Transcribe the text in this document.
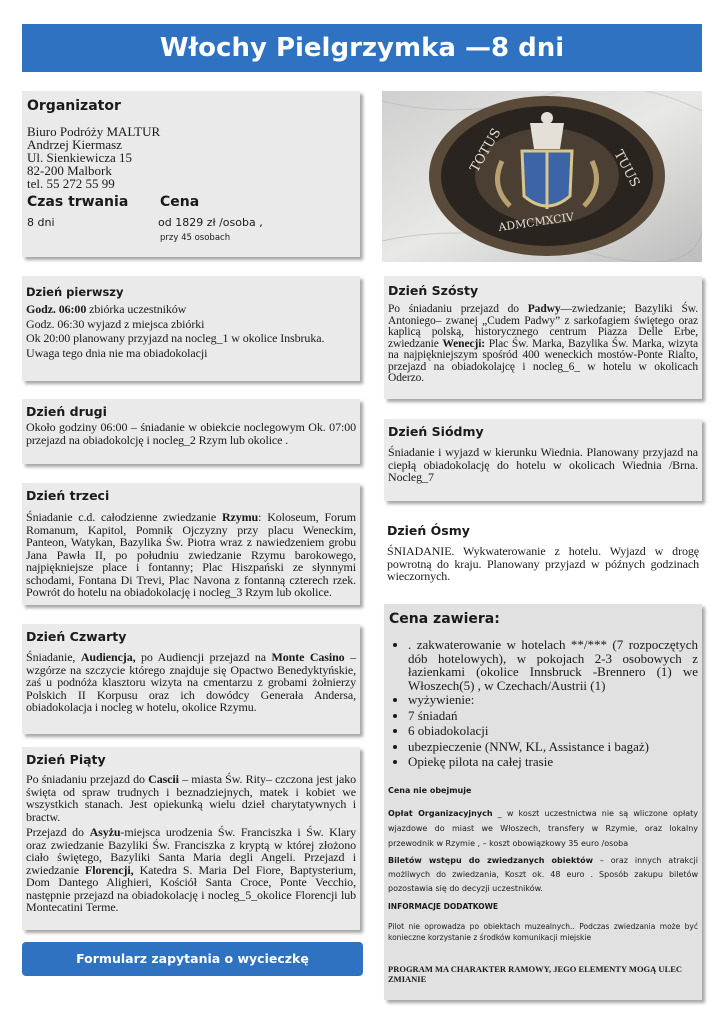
Włochy Pielgrzymka —8 dni
Organizator
Biuro Podróży MALTUR
Andrzej Kiermasz
Ul. Sienkiewicza 15
82-200 Malbork
tel. 55 272 55 99
Czas trwania Cena
8 dni	od 1829 zł /osoba ,
przy 45 osobach
TOTUS	TUUS
ADMCMXCIV
Dzień pierwszy

Godz. 06:00 zbiórka uczestników

Godz. 06:30 wyjazd z miejsca zbiórki

Ok 20:00 planowany przyjazd na nocleg_1 w okolice Insbruka.

Uwaga tego dnia nie ma obiadokolacji

Dzień drugi
Około godziny 06:00 – śniadanie w obiekcie noclegowym Ok. 07:00 przejazd na obiadokolcję i nocleg_2 Rzym lub okolice .
Dzień trzeci
Śniadanie c.d. całodzienne zwiedzanie Rzymu: Koloseum, Forum Romanum, Kapitol, Pomnik Ojczyzny przy placu Weneckim, Panteon, Watykan, Bazylika Św. Piotra wraz z nawiedzeniem grobu Jana Pawła II, po południu zwiedzanie Rzymu barokowego, najpiękniejsze place i fontanny; Plac Hiszpański ze słynnymi schodami, Fontana Di Trevi, Plac Navona z fontanną czterech rzek. Powrót do hotelu na obiadokolację i nocleg_3 Rzym lub okolice.
Dzień Czwarty
Śniadanie, Audiencja, po Audiencji przejazd na Monte Casino –wzgórze na szczycie którego znajduje się Opactwo Benedyktyńskie, zaś u podnóża klasztoru wizyta na cmentarzu z grobami żołnierzy Polskich II Korpusu oraz ich dowódcy Generała Andersa, obiadokolacja i nocleg w hotelu, okolice Rzymu.
Dzień Piąty

Po śniadaniu przejazd do Cascii – miasta Św. Rity– czczona jest jako święta od spraw trudnych i beznadziejnych, matek i kobiet we wszystkich stanach. Jest opiekunką wielu dzieł charytatywnych i bractw.

Przejazd do Asyżu-miejsca urodzenia Św. Franciszka i Św. Klary oraz zwiedzanie Bazyliki Św. Franciszka z kryptą w której złożono ciało świętego, Bazyliki Santa Maria degli Angeli. Przejazd i zwiedzanie Florencji, Katedra S. Maria Del Fiore, Baptysterium, Dom Dantego Alighieri, Kościół Santa Croce, Ponte Vecchio, następnie przejazd na obiadokolację i nocleg_5_okolice Florencji lub Montecatini Terme.

Formularz zapytania o wycieczkę
Dzień Szósty
Po śniadaniu przejazd do Padwy—zwiedzanie; Bazyliki Św. Antoniego– zwanej „Cudem Padwy” z sarkofagiem świętego oraz kaplicą polską, historycznego centrum Piazza Delle Erbe, zwiedzanie Wenecji: Plac Św. Marka, Bazylika Św. Marka, wizyta na najpiękniejszym spośród 400 weneckich mostów-Ponte Rialto, przejazd na obiadokolajcę i nocleg_6_ w hotelu w okolicach Oderzo.
Dzień Siódmy
Śniadanie i wyjazd w kierunku Wiednia. Planowany przyjazd na ciepłą obiadokolację do hotelu w okolicach Wiednia /Brna. Nocleg_7
Dzień Ósmy
ŚNIADANIE. Wykwaterowanie z hotelu. Wyjazd w drogę powrotną do kraju. Planowany przyjazd w późnych godzinach wieczornych.
Cena zawiera:
• . zakwaterowanie w hotelach **/*** (7 rozpoczętych dób hotelowych), w pokojach 2-3 osobowych z łazienkami (okolice Innsbruck -Brennero (1) we Włoszech(5) , w Czechach/Austrii (1)
• wyżywienie:
• 7 śniadań
• 6 obiadokolacji
• ubezpieczenie (NNW, KL, Assistance i bagaż)
• Opiekę pilota na całej trasie
Cena nie obejmuje
Opłat Organizacyjnych _ w koszt uczestnictwa nie są wliczone opłaty wjazdowe do miast we Włoszech, transfery w Rzymie, oraz lokalny przewodnik w Rzymie , – koszt obowiązkowy 35 euro /osoba
Biletów wstępu do zwiedzanych obiektów – oraz innych atrakcji możliwych do zwiedzania, Koszt ok. 48 euro . Sposób zakupu biletów pozostawia się do decyzji uczestników.
INFORMACJE DODATKOWE
Pilot nie oprowadza po obiektach muzealnych.. Podczas zwiedzania może być konieczne korzystanie z środków komunikacji miejskie
PROGRAM MA CHARAKTER RAMOWY, JEGO ELEMENTY MOGĄ ULEC ZMIANIE
